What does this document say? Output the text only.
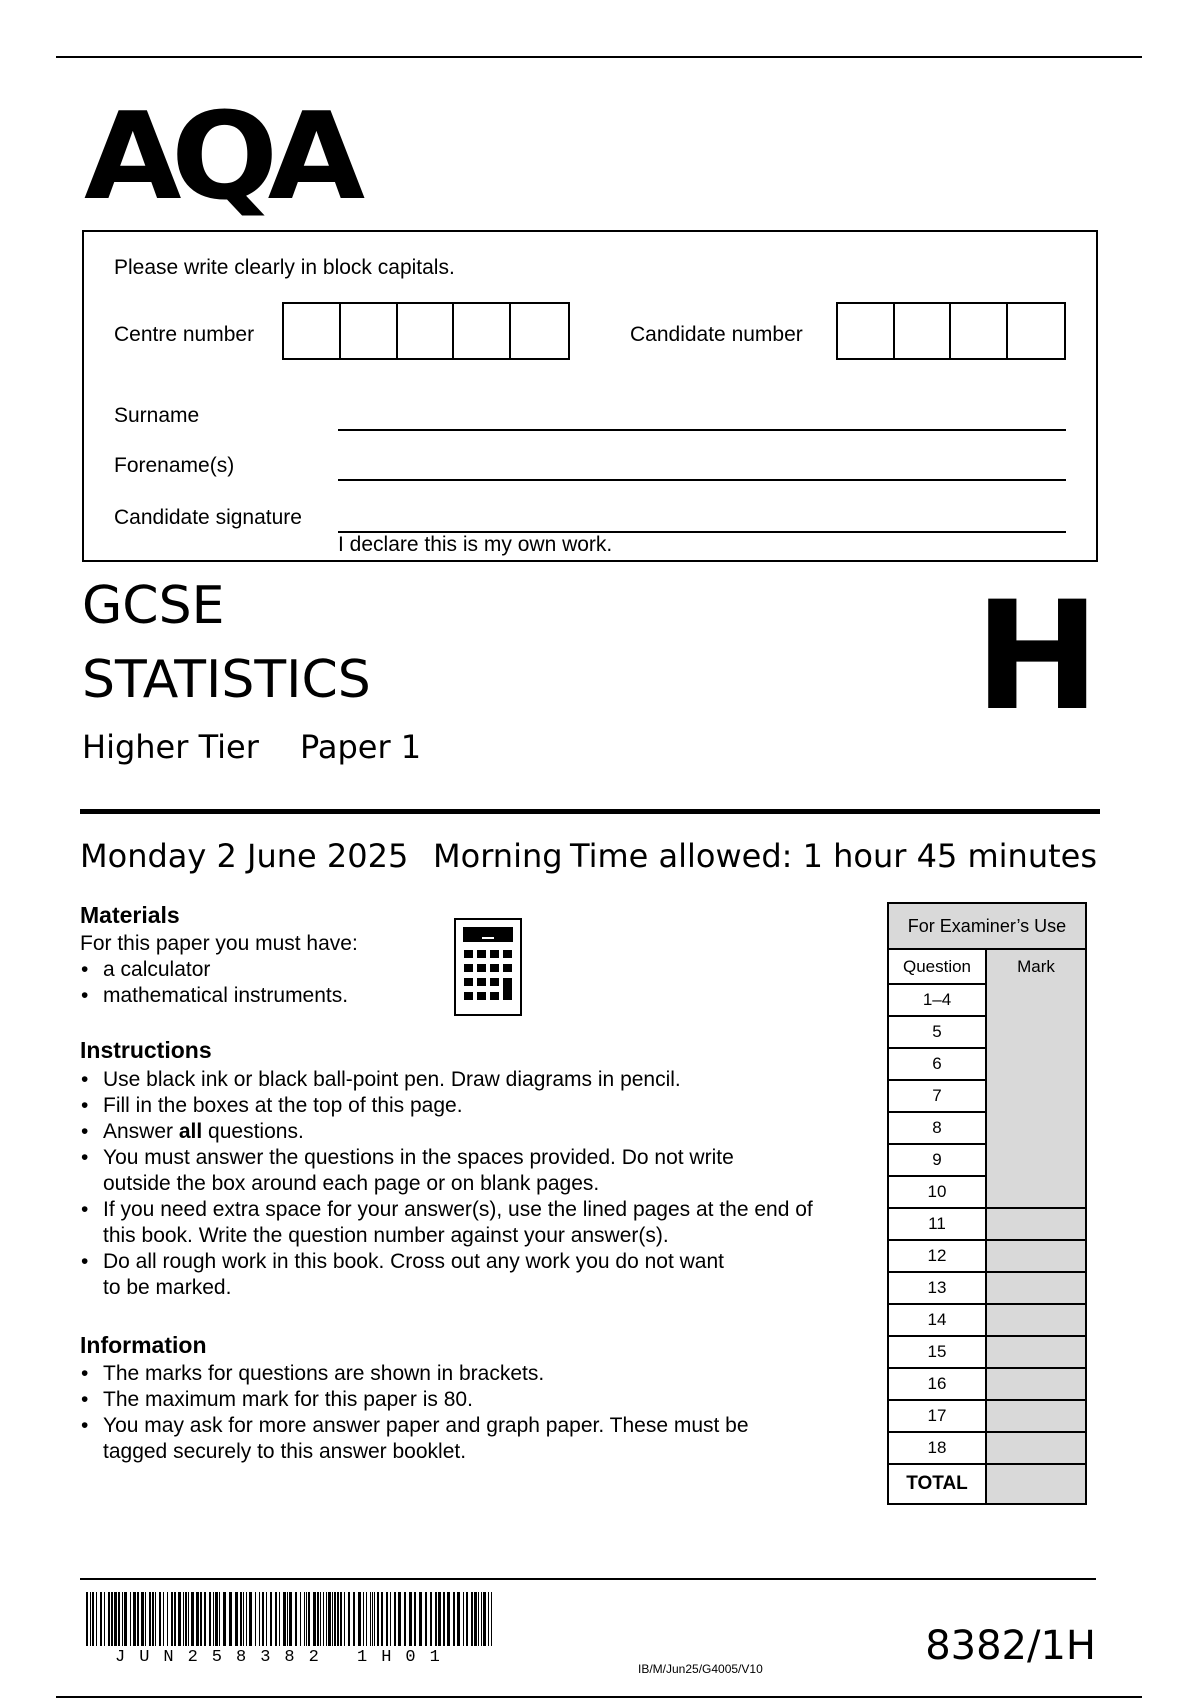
AQA
Please write clearly in block capitals.
Centre number	Candidate number
Surname
Forename(s)
Candidate signature
I declare this is my own work.
GCSE
STATISTICS	H
Higher Tier Paper 1
Monday 2 June 2025 Morning Time allowed: 1 hour 45 minutes
Materials
For this paper you must have:
• a calculator
• mathematical instruments.
Instructions
• Use black ink or black ball-point pen. Draw diagrams in pencil.
• Fill in the boxes at the top of this page.
• Answer all questions.
• You must answer the questions in the spaces provided. Do not write
outside the box around each page or on blank pages.
• If you need extra space for your answer(s), use the lined pages at the end of
this book. Write the question number against your answer(s).
• Do all rough work in this book. Cross out any work you do not want
to be marked.
Information
• The marks for questions are shown in brackets.
• The maximum mark for this paper is 80.
• You may ask for more answer paper and graph paper. These must be
tagged securely to this answer booklet.
For Examiner’s Use	
Question	Mark
1–4	
5	
6	
7	
8	
9	
10	
11	
12	
13	
14	
15	
16	
17	
18	
TOTAL	
JUN258382 1H01
IB/M/Jun25/G4005/V10	8382/1H
